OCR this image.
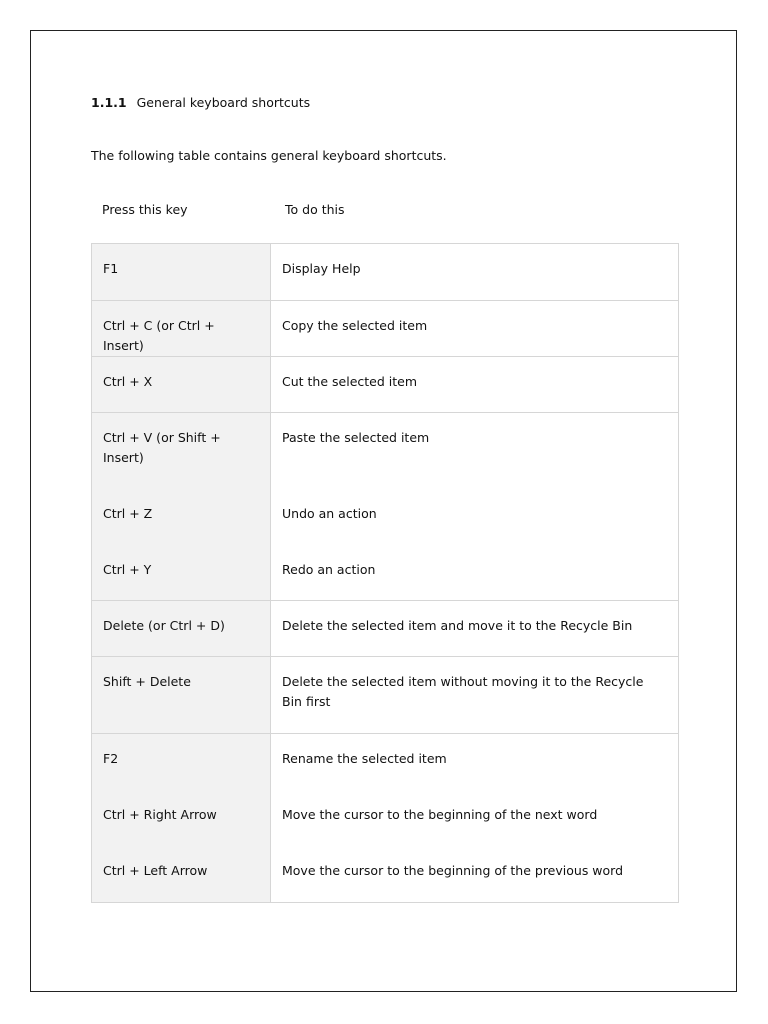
1.1.1 General keyboard shortcuts
The following table contains general keyboard shortcuts.
Press this key	To do this
F1	Display Help
Ctrl + C (or Ctrl + Insert)	Copy the selected item
Ctrl + X	Cut the selected item
Ctrl + V (or Shift + Insert)	Paste the selected item
Ctrl + Z	Undo an action
Ctrl + Y	Redo an action
Delete (or Ctrl + D)	Delete the selected item and move it to the Recycle Bin
Shift + Delete	Delete the selected item without moving it to the Recycle Bin first
F2	Rename the selected item
Ctrl + Right Arrow	Move the cursor to the beginning of the next word
Ctrl + Left Arrow	Move the cursor to the beginning of the previous word
